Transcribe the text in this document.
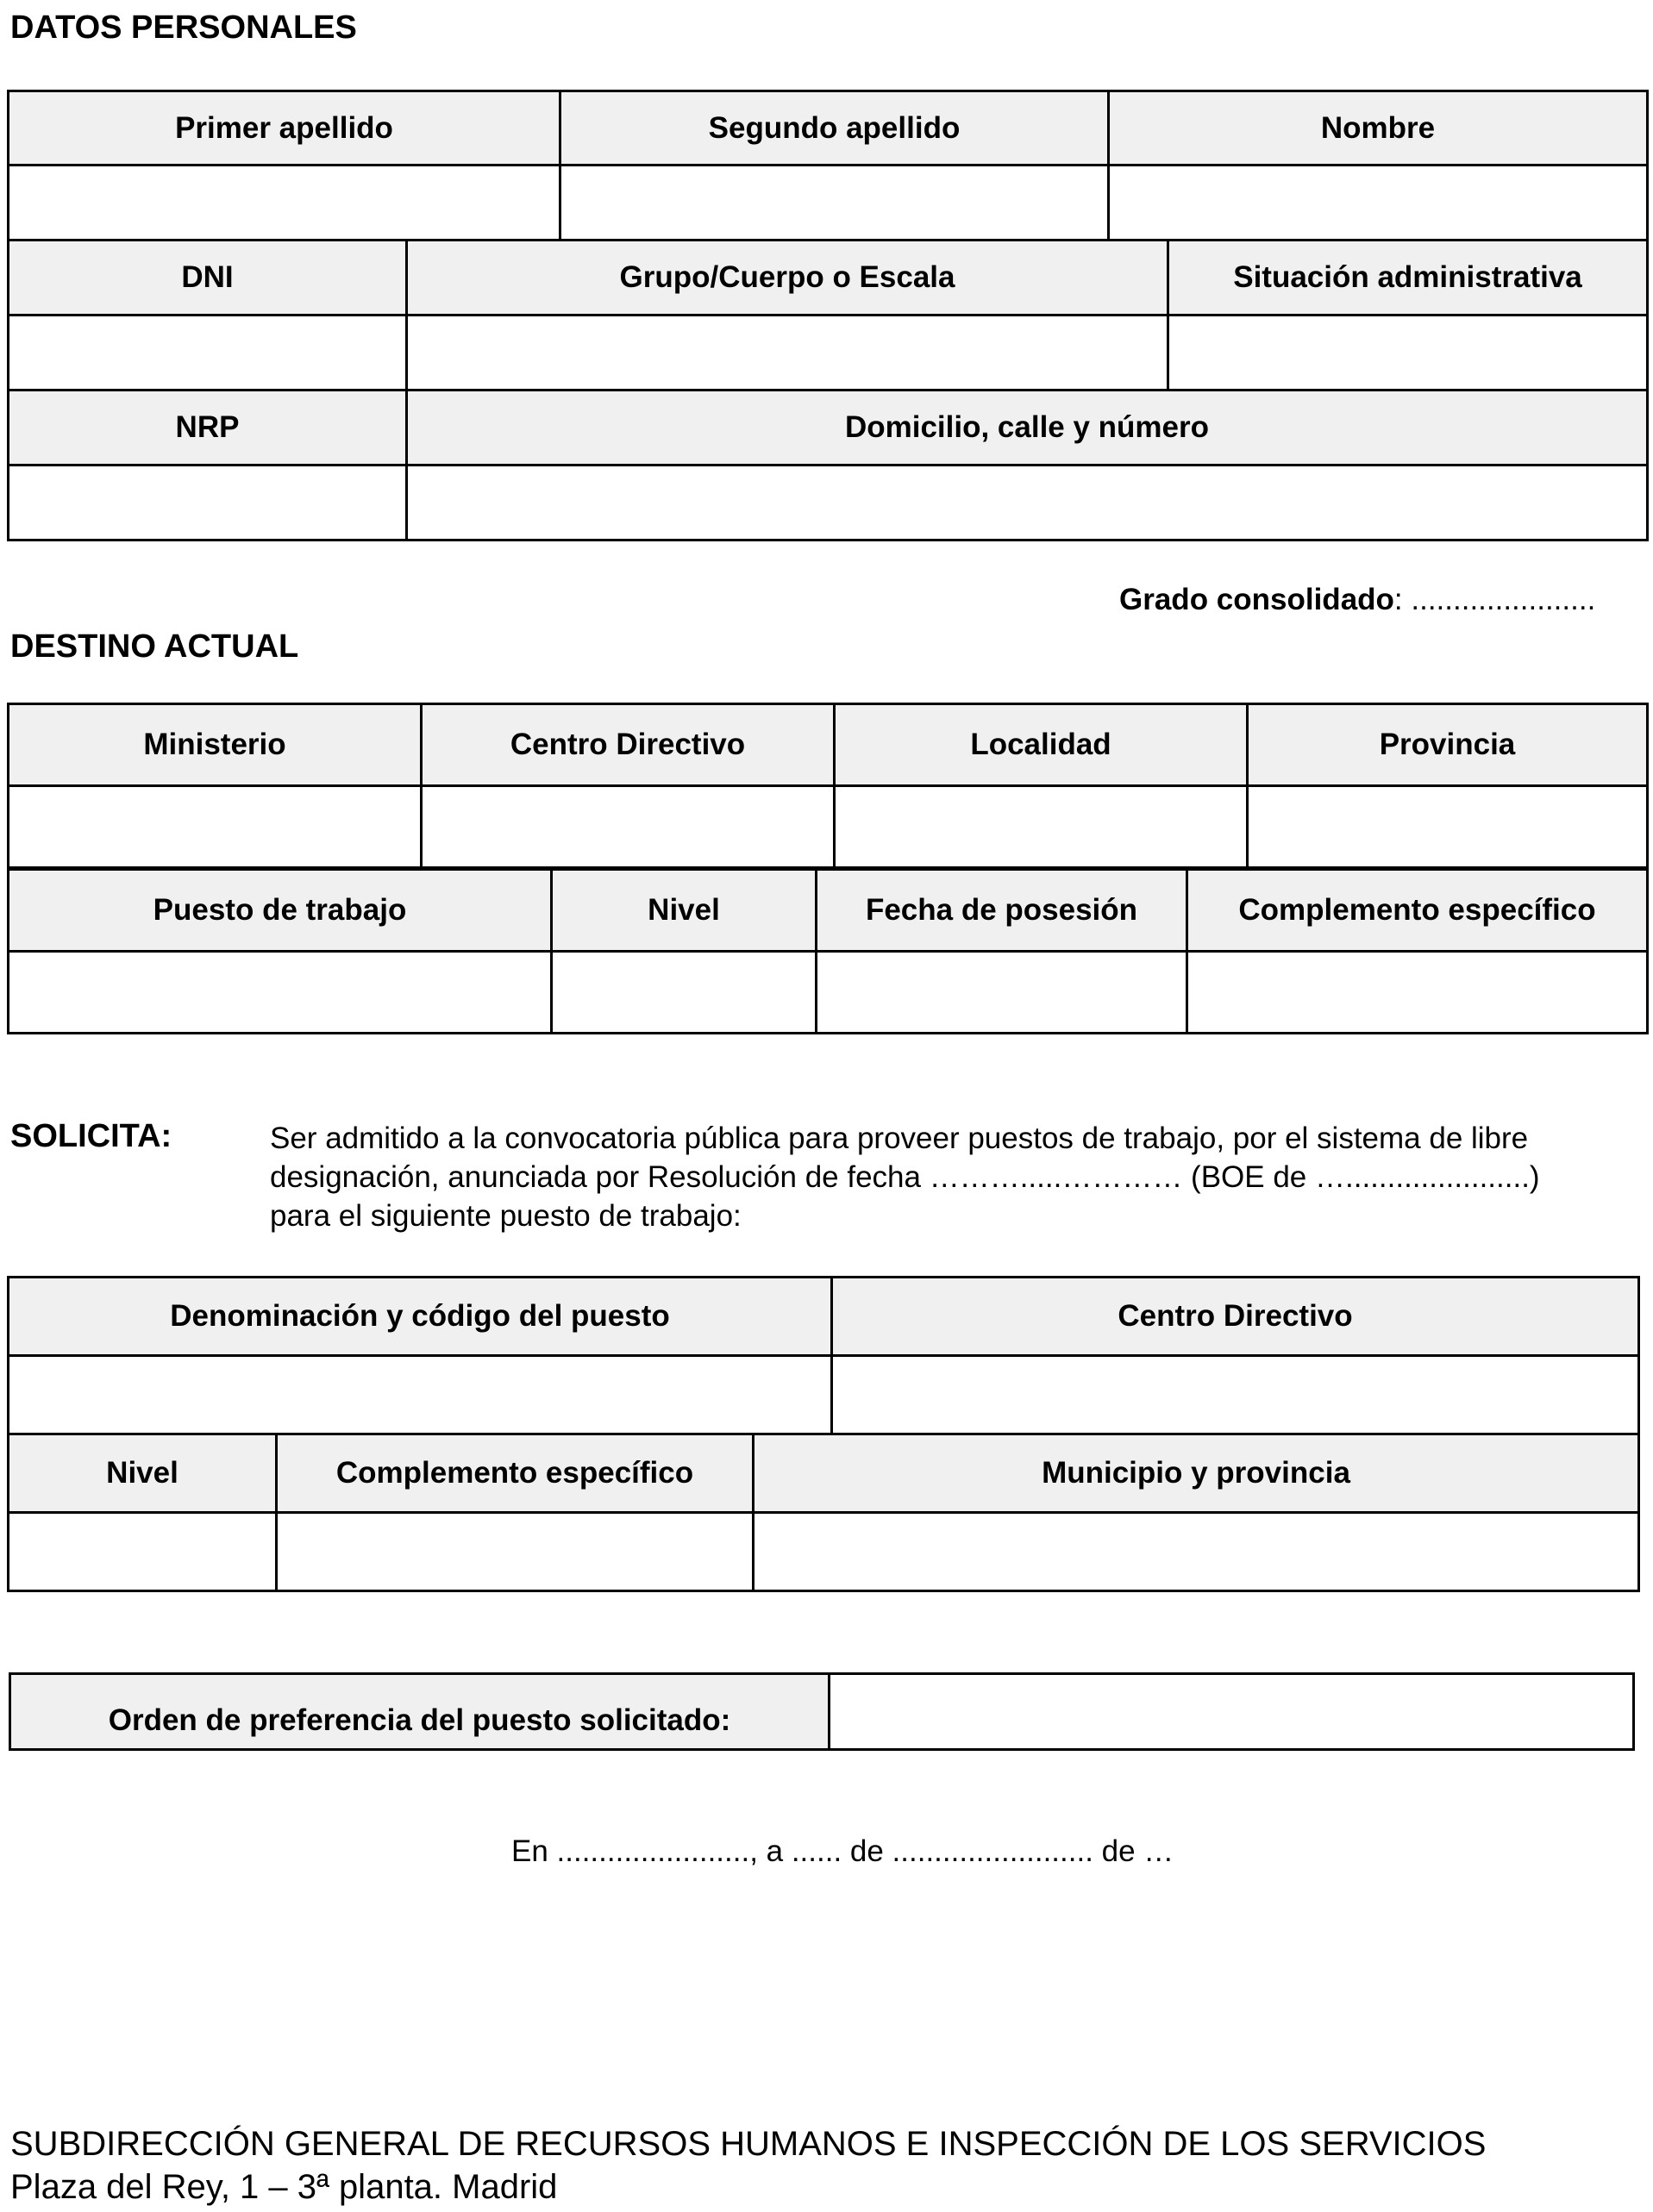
DATOS PERSONALES
Primer apellido	Segundo apellido	Nombre

DNI	Grupo/Cuerpo o Escala	Situación administrativa

NRP	Domicilio, calle y número

Grado consolidado: ......................
DESTINO ACTUAL
Ministerio	Centro Directivo	Localidad	Provincia

Puesto de trabajo	Nivel	Fecha de posesión	Complemento específico

SOLICITA:	Ser admitido a la convocatoria pública para proveer puestos de trabajo, por el sistema de libre
designación, anunciada por Resolución de fecha ……….....………… (BOE de …......................)
para el siguiente puesto de trabajo:
Denominación y código del puesto	Centro Directivo

Nivel	Complemento específico	Municipio y provincia

Orden de preferencia del puesto solicitado:	
En ......................., a ...... de ........................ de …
SUBDIRECCIÓN GENERAL DE RECURSOS HUMANOS E INSPECCIÓN DE LOS SERVICIOS
Plaza del Rey, 1 – 3ª planta. Madrid
